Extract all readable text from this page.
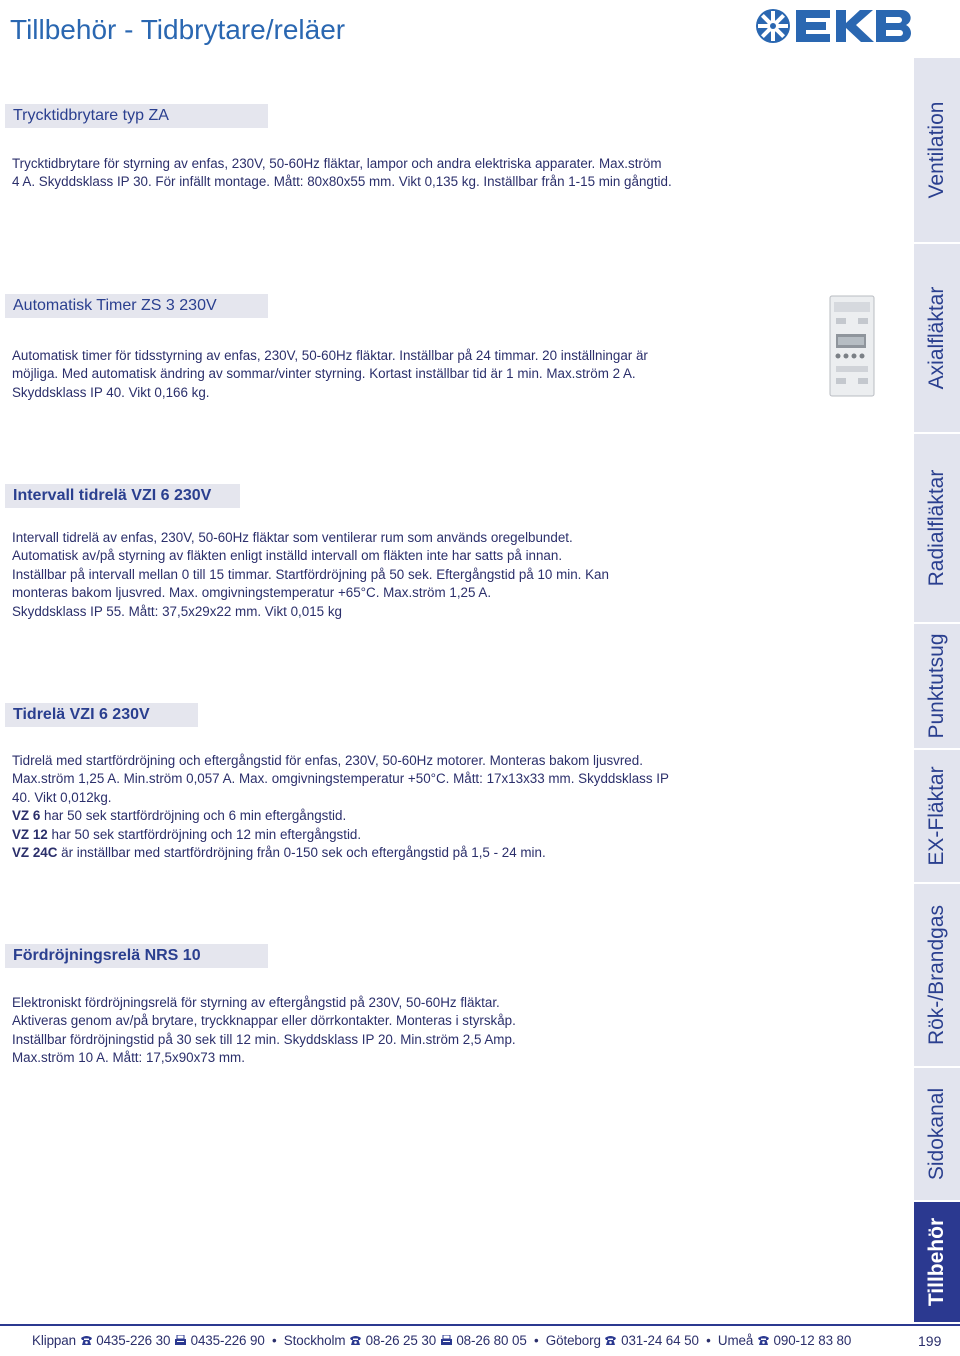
Tillbehör - Tidbrytare/reläer
Ventilation
Axialfläktar
Radialfläktar
Punktutsug
EX-Fläktar
Rök-/Brandgas
Sidokanal
Tillbehör
Trycktidbrytare typ ZA

Trycktidbrytare för styrning av enfas, 230V, 50-60Hz fläktar, lampor och andra elektriska apparater. Max.ström 4 A. Skyddsklass IP 30. För infällt montage. Mått: 80x80x55 mm. Vikt 0,135 kg. Inställbar från 1-15 min gångtid.

Automatisk Timer ZS 3 230V

Automatisk timer för tidsstyrning av enfas, 230V, 50-60Hz fläktar. Inställbar på 24 timmar. 20 inställningar är möjliga. Med automatisk ändring av sommar/vinter styrning. Kortast inställbar tid är 1 min. Max.ström 2 A. Skyddsklass IP 40. Vikt 0,166 kg.

Intervall tidrelä VZI 6 230V

Intervall tidrelä av enfas, 230V, 50-60Hz fläktar som ventilerar rum som används oregelbundet.

Automatisk av/på styrning av fläkten enligt inställd intervall om fläkten inte har satts på innan.

Inställbar på intervall mellan 0 till 15 timmar. Startfördröjning på 50 sek. Eftergångstid på 10 min. Kan monteras bakom ljusvred. Max. omgivningstemperatur +65°C. Max.ström 1,25 A.

Skyddsklass IP 55. Mått: 37,5x29x22 mm. Vikt 0,015 kg

Tidrelä VZI 6 230V

Tidrelä med startfördröjning och eftergångstid för enfas, 230V, 50-60Hz motorer. Monteras bakom ljusvred. Max.ström 1,25 A. Min.ström 0,057 A. Max. omgivningstemperatur +50°C. Mått: 17x13x33 mm. Skyddsklass IP 40. Vikt 0,012kg.

VZ 6 har 50 sek startfördröjning och 6 min eftergångstid.

VZ 12 har 50 sek startfördröjning och 12 min eftergångstid.

VZ 24C är inställbar med startfördröjning från 0-150 sek och eftergångstid på 1,5 - 24 min.

Fördröjningsrelä NRS 10

Elektroniskt fördröjningsrelä för styrning av eftergångstid på 230V, 50-60Hz fläktar.

Aktiveras genom av/på brytare, tryckknappar eller dörrkontakter. Monteras i styrskåp.

Inställbar fördröjningstid på 30 sek till 12 min. Skyddsklass IP 20. Min.ström 2,5 Amp.

Max.ström 10 A. Mått: 17,5x90x73 mm.

Klippan 0435-226 30 0435-226 90  •  Stockholm 08-26 25 30 08-26 80 05  •  Göteborg 031-24 64 50  •  Umeå 090-12 83 80	199
